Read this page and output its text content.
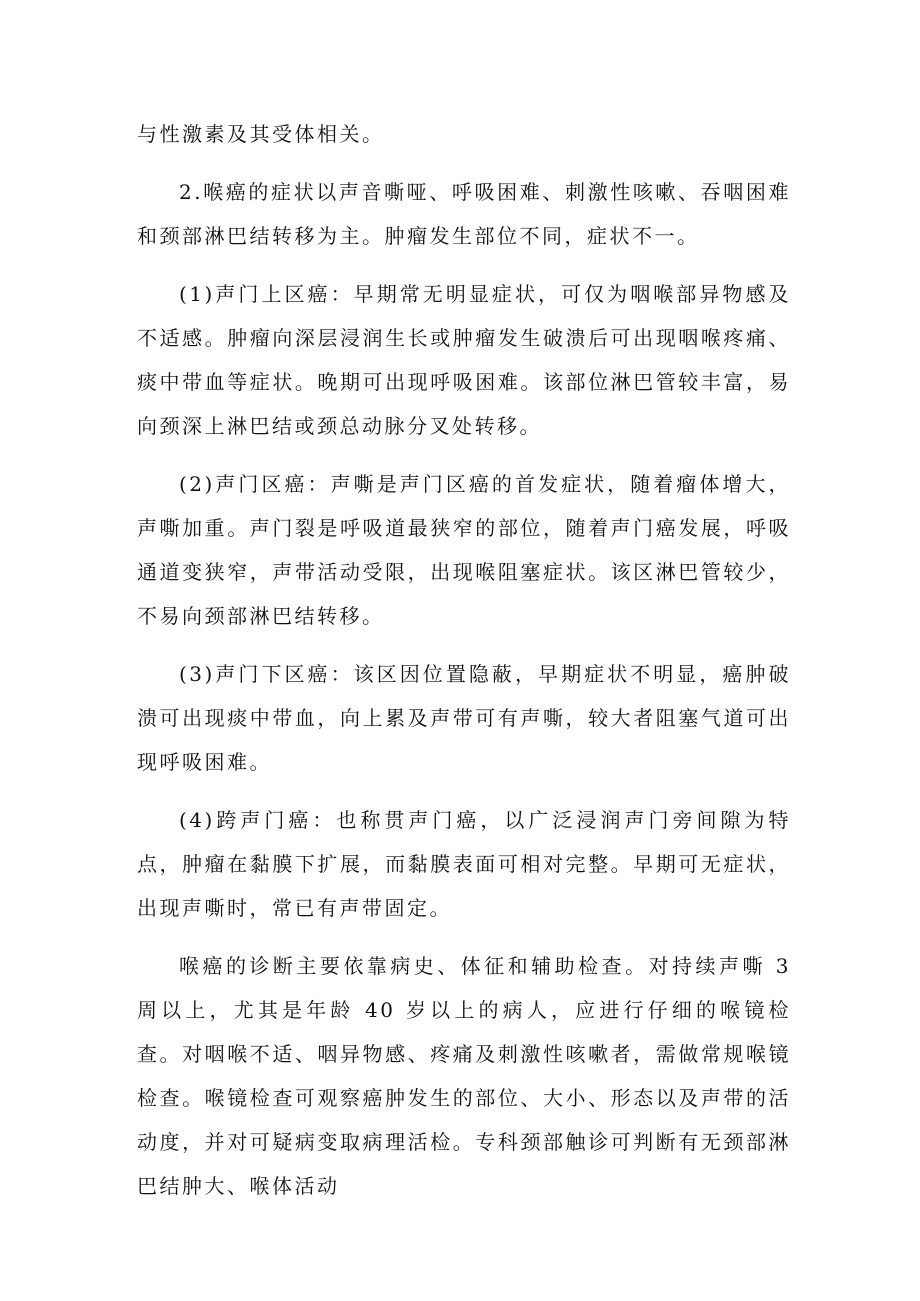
与性激素及其受体相关。

2.喉癌的症状以声音嘶哑、呼吸困难、刺激性咳嗽、吞咽困难和颈部淋巴结转移为主。肿瘤发生部位不同，症状不一。

(1)声门上区癌：早期常无明显症状，可仅为咽喉部异物感及不适感。肿瘤向深层浸润生长或肿瘤发生破溃后可出现咽喉疼痛、痰中带血等症状。晚期可出现呼吸困难。该部位淋巴管较丰富，易向颈深上淋巴结或颈总动脉分叉处转移。

(2)声门区癌：声嘶是声门区癌的首发症状，随着瘤体增大，声嘶加重。声门裂是呼吸道最狭窄的部位，随着声门癌发展，呼吸通道变狭窄，声带活动受限，出现喉阻塞症状。该区淋巴管较少，不易向颈部淋巴结转移。

(3)声门下区癌：该区因位置隐蔽，早期症状不明显，癌肿破溃可出现痰中带血，向上累及声带可有声嘶，较大者阻塞气道可出现呼吸困难。

(4)跨声门癌：也称贯声门癌，以广泛浸润声门旁间隙为特点，肿瘤在黏膜下扩展，而黏膜表面可相对完整。早期可无症状，出现声嘶时，常已有声带固定。

喉癌的诊断主要依靠病史、体征和辅助检查。对持续声嘶 3 周以上，尤其是年龄 40 岁以上的病人，应进行仔细的喉镜检查。对咽喉不适、咽异物感、疼痛及刺激性咳嗽者，需做常规喉镜检查。喉镜检查可观察癌肿发生的部位、大小、形态以及声带的活动度，并对可疑病变取病理活检。专科颈部触诊可判断有无颈部淋巴结肿大、喉体活动
